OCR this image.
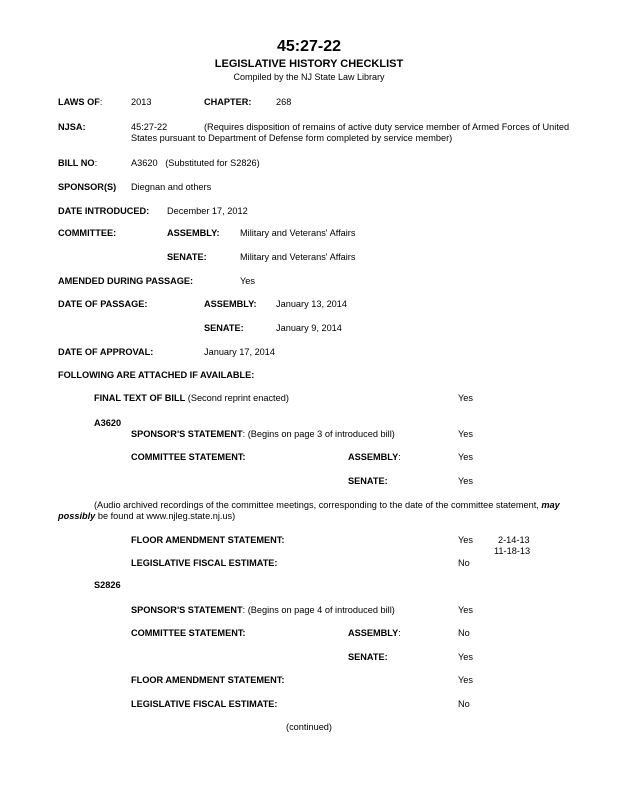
45:27-22
LEGISLATIVE HISTORY CHECKLIST
Compiled by the NJ State Law Library
LAWS OF:	2013	CHAPTER:	268
NJSA:	45:27-22	(Requires disposition of remains of active duty service member of Armed Forces of United
States pursuant to Department of Defense form completed by service member)
BILL NO:	A3620   (Substituted for S2826)
SPONSOR(S) Diegnan and others
DATE INTRODUCED: December 17, 2012
COMMITTEE:	ASSEMBLY: Military and Veterans' Affairs
SENATE:	Military and Veterans' Affairs
AMENDED DURING PASSAGE:	Yes
DATE OF PASSAGE:	ASSEMBLY: January 13, 2014
SENATE:	January 9, 2014
DATE OF APPROVAL:	January 17, 2014
FOLLOWING ARE ATTACHED IF AVAILABLE:
FINAL TEXT OF BILL (Second reprint enacted)	Yes
A3620
SPONSOR'S STATEMENT: (Begins on page 3 of introduced bill)	Yes
COMMITTEE STATEMENT:	ASSEMBLY:	Yes
SENATE:	Yes
(Audio archived recordings of the committee meetings, corresponding to the date of the committee statement, may
possibly be found at www.njleg.state.nj.us)
FLOOR AMENDMENT STATEMENT:	Yes	2-14-13
11-18-13
LEGISLATIVE FISCAL ESTIMATE:	No
S2826
SPONSOR'S STATEMENT: (Begins on page 4 of introduced bill)	Yes
COMMITTEE STATEMENT:	ASSEMBLY:	No
SENATE:	Yes
FLOOR AMENDMENT STATEMENT:	Yes
LEGISLATIVE FISCAL ESTIMATE:	No
(continued)
